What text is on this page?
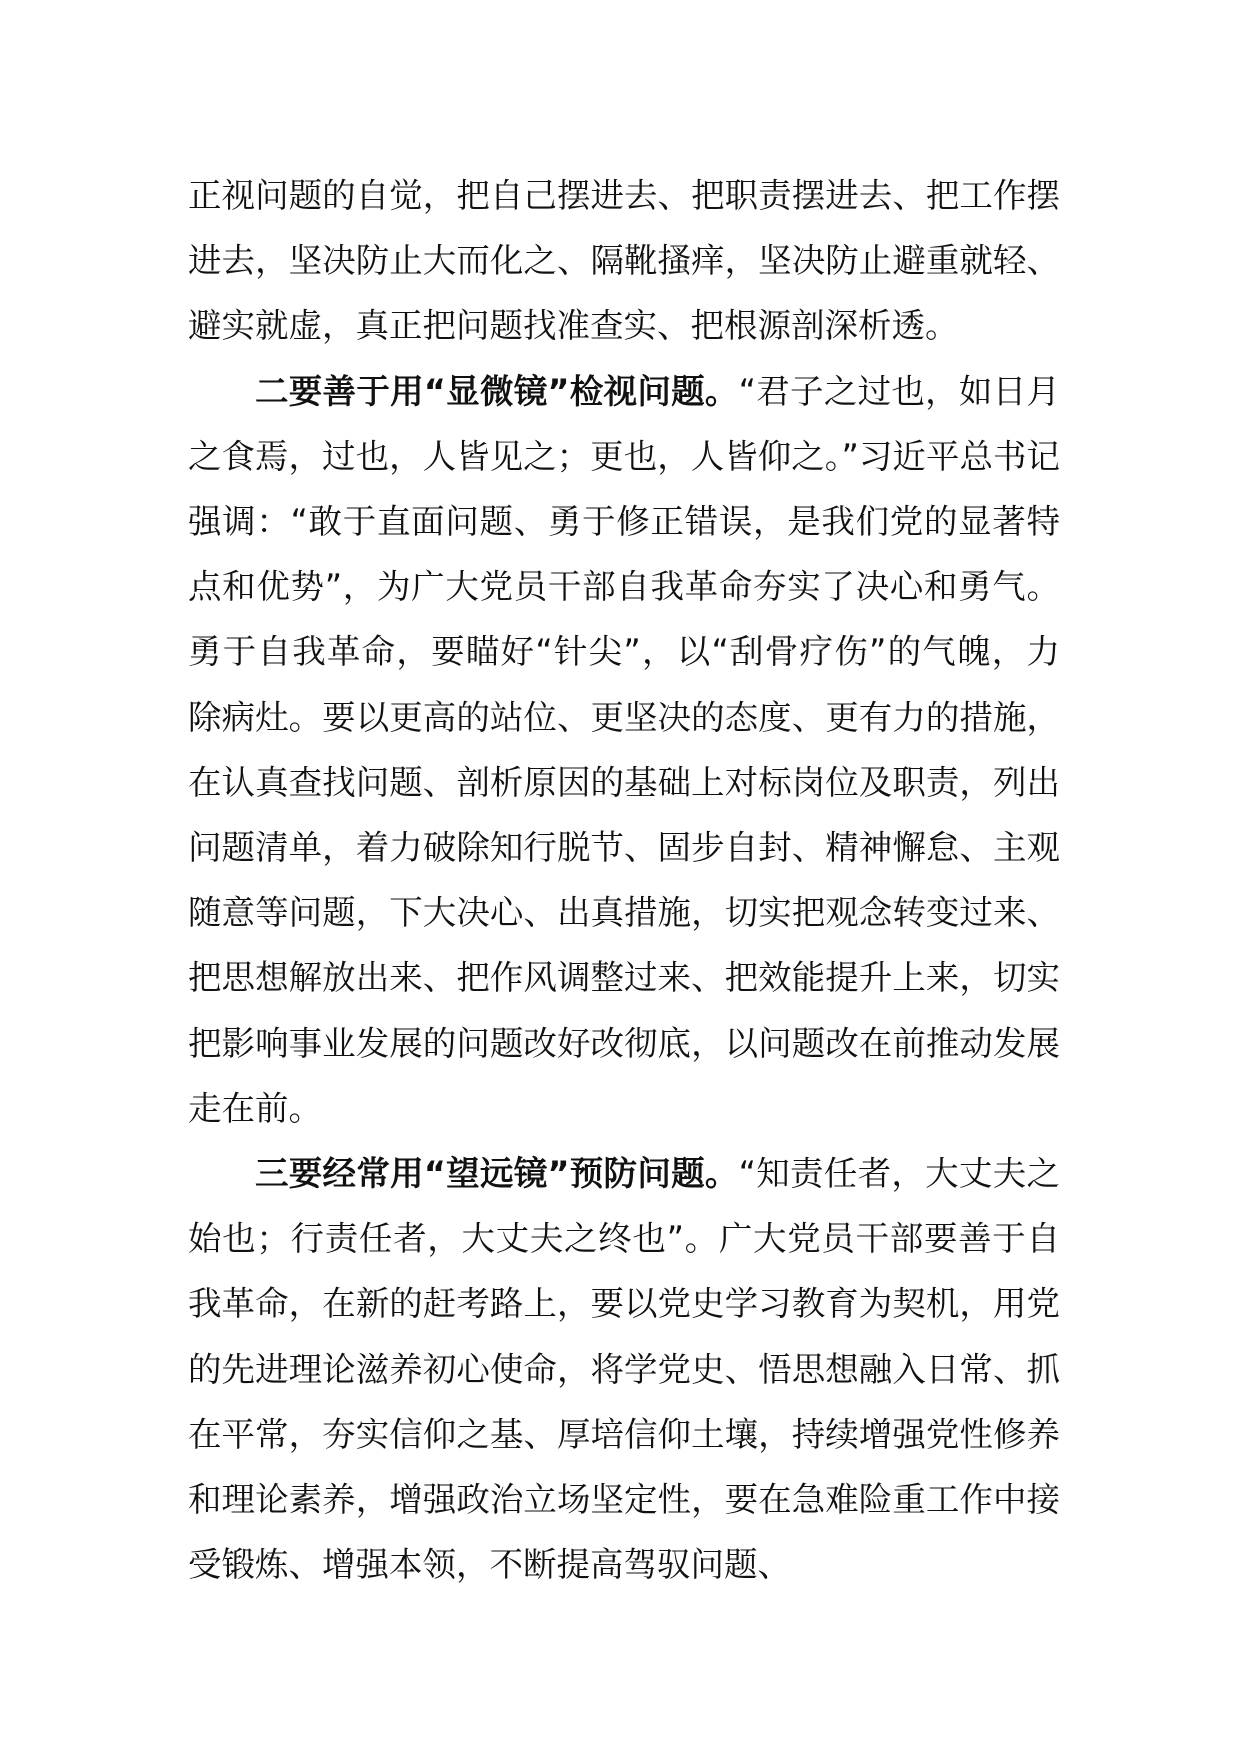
正视问题的自觉，把自己摆进去、把职责摆进去、把工作摆进去，坚决防止大而化之、隔靴搔痒，坚决防止避重就轻、避实就虚，真正把问题找准查实、把根源剖深析透。

二要善于用“显微镜”检视问题。“君子之过也，如日月之食焉，过也，人皆见之；更也，人皆仰之。”习近平总书记强调：“敢于直面问题、勇于修正错误，是我们党的显著特点和优势”，为广大党员干部自我革命夯实了决心和勇气。勇于自我革命，要瞄好“针尖”，以“刮骨疗伤”的气魄，力除病灶。要以更高的站位、更坚决的态度、更有力的措施，在认真查找问题、剖析原因的基础上对标岗位及职责，列出问题清单，着力破除知行脱节、固步自封、精神懈怠、主观随意等问题，下大决心、出真措施，切实把观念转变过来、把思想解放出来、把作风调整过来、把效能提升上来，切实把影响事业发展的问题改好改彻底，以问题改在前推动发展走在前。

三要经常用“望远镜”预防问题。“知责任者，大丈夫之始也；行责任者，大丈夫之终也”。广大党员干部要善于自我革命，在新的赶考路上，要以党史学习教育为契机，用党的先进理论滋养初心使命，将学党史、悟思想融入日常、抓在平常，夯实信仰之基、厚培信仰土壤，持续增强党性修养和理论素养，增强政治立场坚定性，要在急难险重工作中接受锻炼、增强本领，不断提高驾驭问题、
